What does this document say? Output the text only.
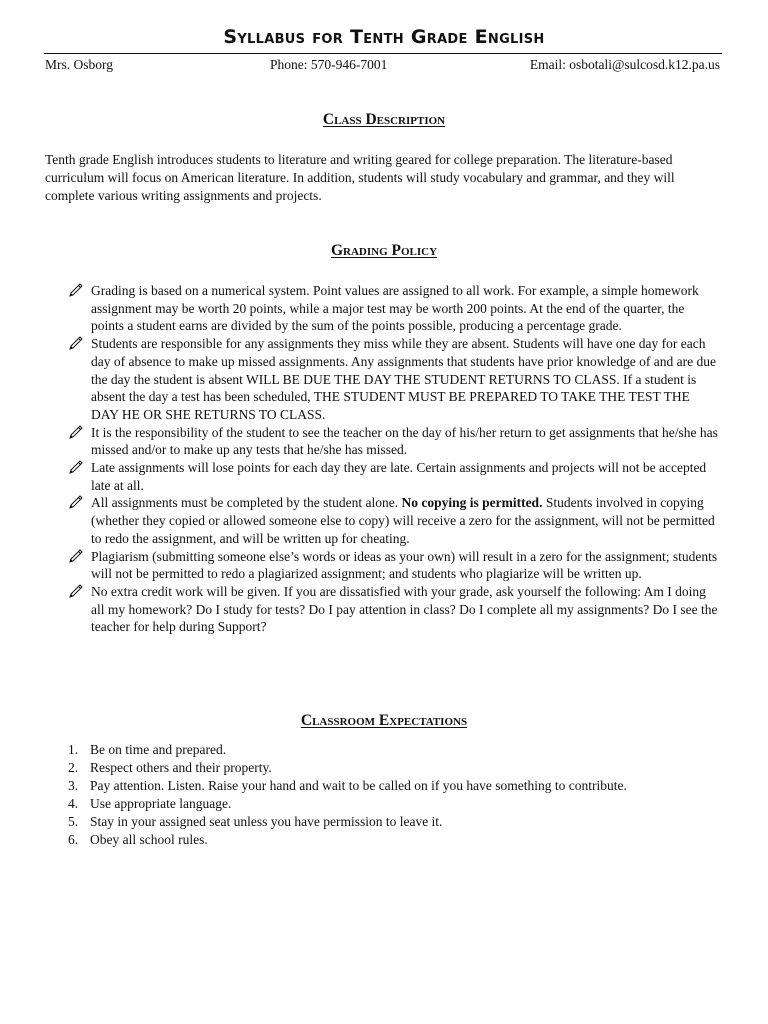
Syllabus for Tenth Grade English
Mrs. Osborg	Phone: 570-946-7001	Email: osbotali@sulcosd.k12.pa.us
Class Description

Tenth grade English introduces students to literature and writing geared for college preparation. The literature-based curriculum will focus on American literature. In addition, students will study vocabulary and grammar, and they will complete various writing assignments and projects.

Grading Policy
Grading is based on a numerical system. Point values are assigned to all work. For example, a simple homework assignment may be worth 20 points, while a major test may be worth 200 points. At the end of the quarter, the points a student earns are divided by the sum of the points possible, producing a percentage grade.
Students are responsible for any assignments they miss while they are absent. Students will have one day for each day of absence to make up missed assignments. Any assignments that students have prior knowledge of and are due the day the student is absent WILL BE DUE THE DAY THE STUDENT RETURNS TO CLASS. If a student is absent the day a test has been scheduled, THE STUDENT MUST BE PREPARED TO TAKE THE TEST THE DAY HE OR SHE RETURNS TO CLASS.
It is the responsibility of the student to see the teacher on the day of his/her return to get assignments that he/she has missed and/or to make up any tests that he/she has missed.
Late assignments will lose points for each day they are late. Certain assignments and projects will not be accepted late at all.
All assignments must be completed by the student alone. No copying is permitted. Students involved in copying (whether they copied or allowed someone else to copy) will receive a zero for the assignment, will not be permitted to redo the assignment, and will be written up for cheating.
Plagiarism (submitting someone else’s words or ideas as your own) will result in a zero for the assignment; students will not be permitted to redo a plagiarized assignment; and students who plagiarize will be written up.
No extra credit work will be given. If you are dissatisfied with your grade, ask yourself the following: Am I doing all my homework? Do I study for tests? Do I pay attention in class? Do I complete all my assignments? Do I see the teacher for help during Support?
Classroom Expectations
1. Be on time and prepared.
2. Respect others and their property.
3. Pay attention. Listen. Raise your hand and wait to be called on if you have something to contribute.
4. Use appropriate language.
5. Stay in your assigned seat unless you have permission to leave it.
6. Obey all school rules.
